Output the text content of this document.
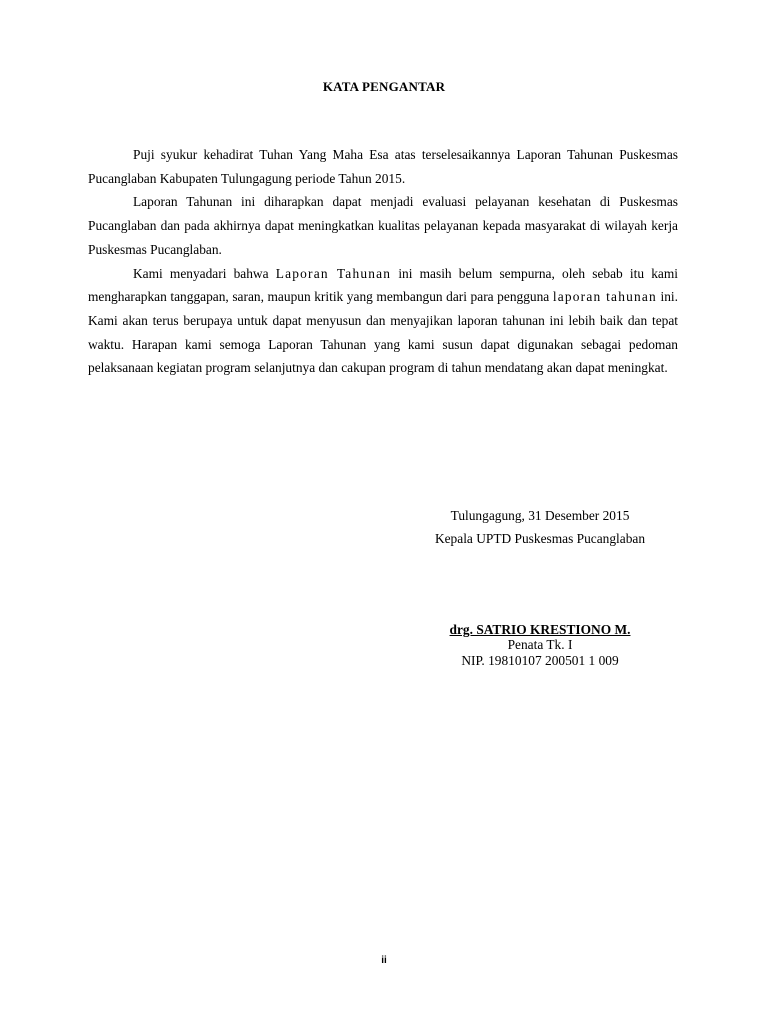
KATA PENGANTAR

Puji syukur kehadirat Tuhan Yang Maha Esa atas terselesaikannya Laporan Tahunan Puskesmas Pucanglaban Kabupaten Tulungagung periode Tahun 2015.

Laporan Tahunan ini diharapkan dapat menjadi evaluasi pelayanan kesehatan di Puskesmas Pucanglaban dan pada akhirnya dapat meningkatkan kualitas pelayanan kepada masyarakat di wilayah kerja Puskesmas Pucanglaban.

Kami menyadari bahwa Laporan Tahunan ini masih belum sempurna, oleh sebab itu kami mengharapkan tanggapan, saran, maupun kritik yang membangun dari para pengguna laporan tahunan ini. Kami akan terus berupaya untuk dapat menyusun dan menyajikan laporan tahunan ini lebih baik dan tepat waktu. Harapan kami semoga Laporan Tahunan yang kami susun dapat digunakan sebagai pedoman pelaksanaan kegiatan program selanjutnya dan cakupan program di tahun mendatang akan dapat meningkat.

Tulungagung, 31 Desember 2015
Kepala UPTD Puskesmas Pucanglaban
drg. SATRIO KRESTIONO M.
Penata Tk. I
NIP. 19810107 200501 1 009
ii
